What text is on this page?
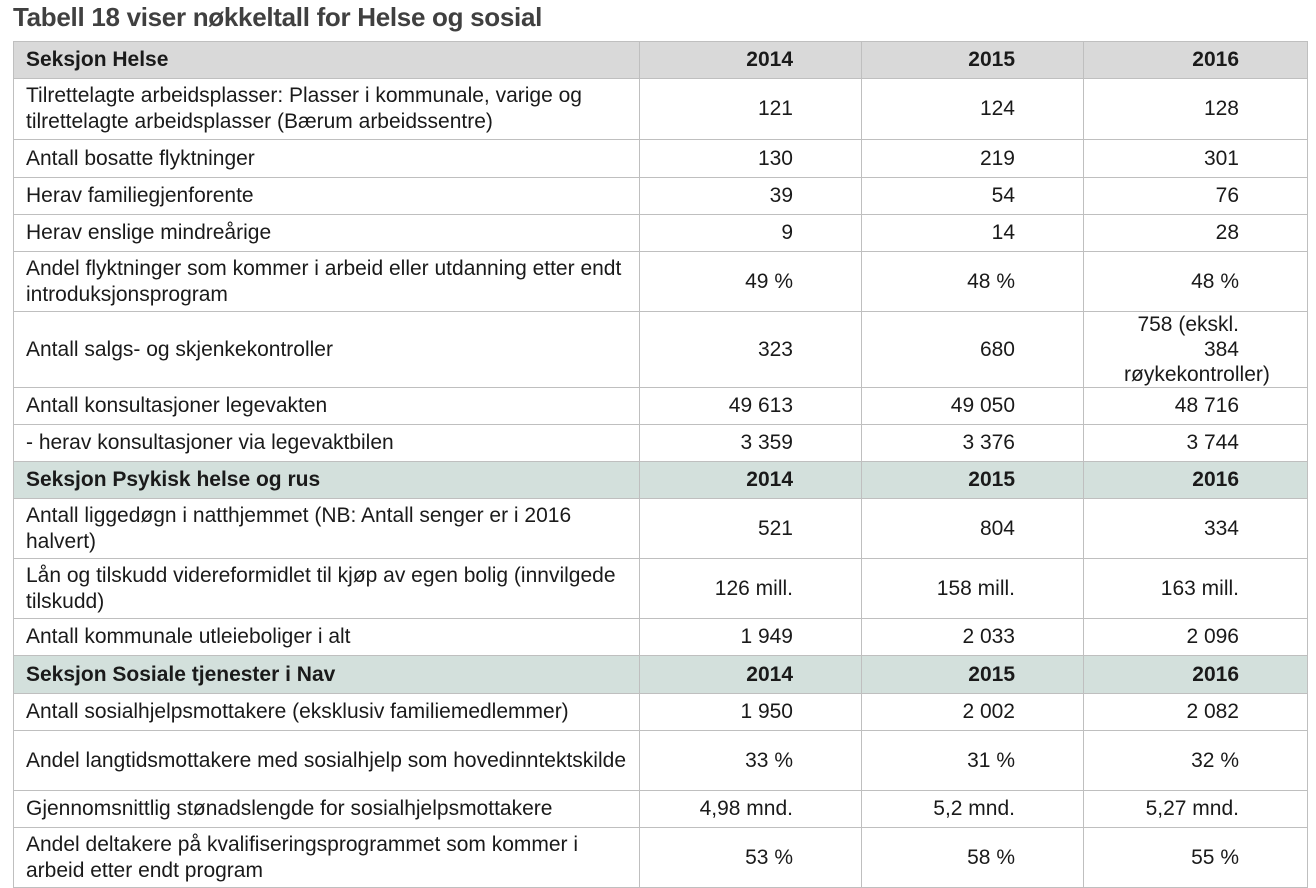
Tabell 18 viser nøkkeltall for Helse og sosial
Seksjon Helse	2014	2015	2016
Tilrettelagte arbeidsplasser: Plasser i kommunale, varige og tilrettelagte arbeidsplasser (Bærum arbeidssentre)	121	124	128
Antall bosatte flyktninger	130	219	301
Herav familiegjenforente	39	54	76
Herav enslige mindreårige	9	14	28
Andel flyktninger som kommer i arbeid eller utdanning etter endt introduksjonsprogram	49 %	48 %	48 %
Antall salgs- og skjenkekontroller	323	680	758 (ekskl. 384 røykekontroller)
Antall konsultasjoner legevakten	49 613	49 050	48 716
- herav konsultasjoner via legevaktbilen	3 359	3 376	3 744
Seksjon Psykisk helse og rus	2014	2015	2016
Antall liggedøgn i natthjemmet (NB: Antall senger er i 2016 halvert)	521	804	334
Lån og tilskudd videreformidlet til kjøp av egen bolig (innvilgede tilskudd)	126 mill.	158 mill.	163 mill.
Antall kommunale utleieboliger i alt	1 949	2 033	2 096
Seksjon Sosiale tjenester i Nav	2014	2015	2016
Antall sosialhjelpsmottakere (eksklusiv familiemedlemmer)	1 950	2 002	2 082
Andel langtidsmottakere med sosialhjelp som hovedinntektskilde	33 %	31 %	32 %
Gjennomsnittlig stønadslengde for sosialhjelpsmottakere	4,98 mnd.	5,2 mnd.	5,27 mnd.
Andel deltakere på kvalifiseringsprogrammet som kommer i arbeid etter endt program	53 %	58 %	55 %
